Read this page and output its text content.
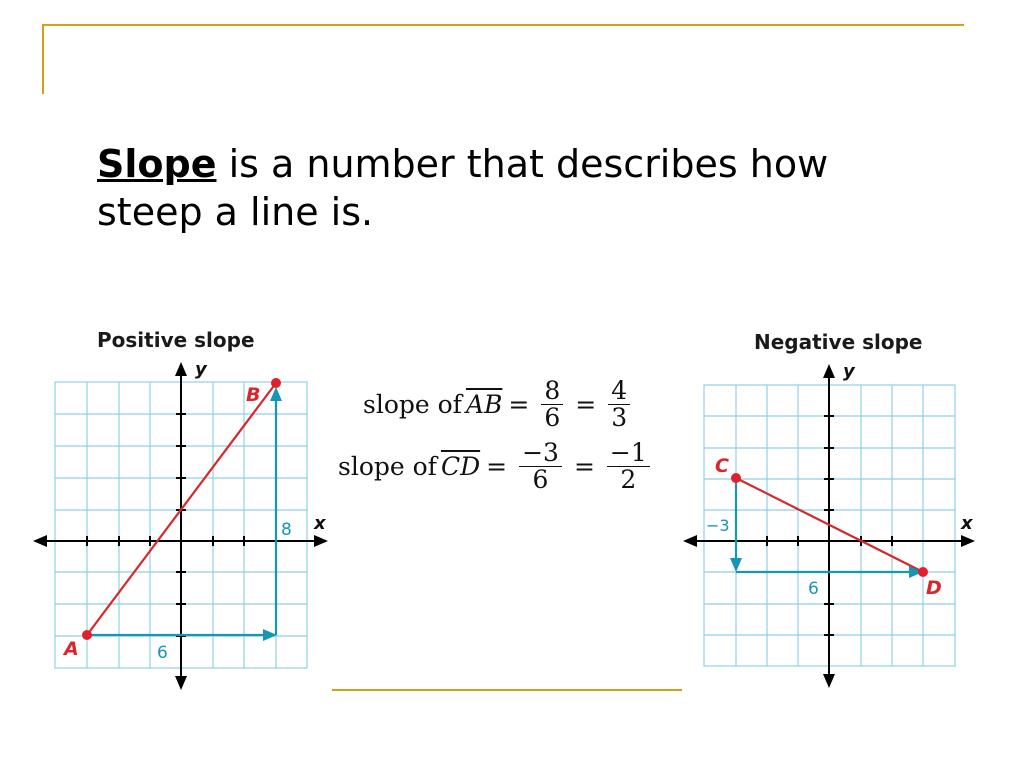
Slope is a number that describes how steep a line is.
Positive slope
y
x
8
6
A
B
y
x
−3
6
C
D
Negative slope
slope of $\overline{AB} = \frac{8}{6} = \frac{4}{3}$
slope of $\overline{CD} = \frac{-3}{6} = \frac{-1}{2}$
